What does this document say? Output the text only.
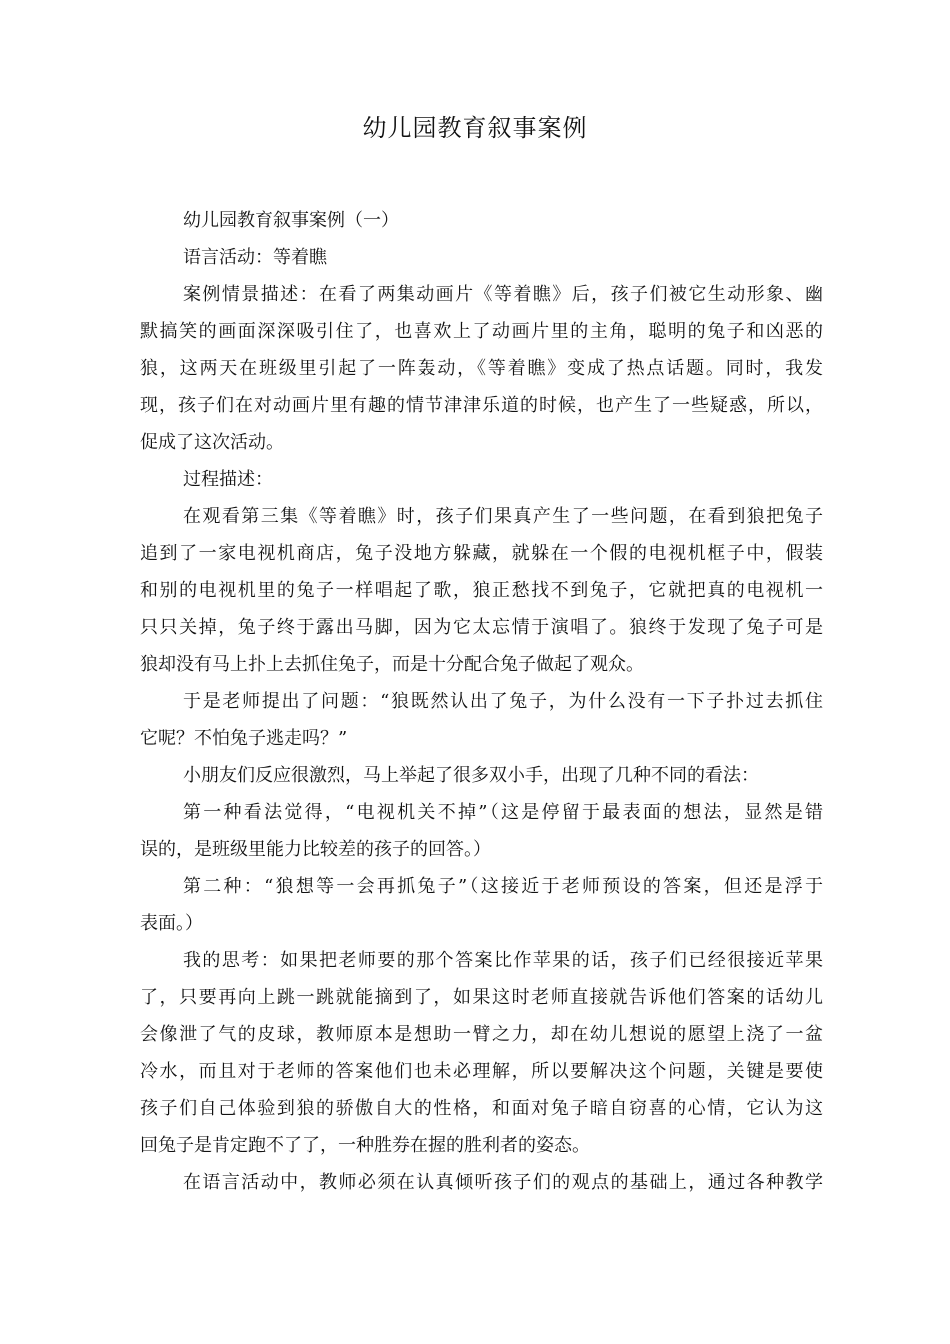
幼儿园教育叙事案例
幼儿园教育叙事案例（一）
语言活动：等着瞧
案例情景描述：在看了两集动画片《等着瞧》后，孩子们被它生动形象、幽
默搞笑的画面深深吸引住了，也喜欢上了动画片里的主角，聪明的兔子和凶恶的
狼，这两天在班级里引起了一阵轰动，《等着瞧》变成了热点话题。同时，我发
现，孩子们在对动画片里有趣的情节津津乐道的时候，也产生了一些疑惑，所以，
促成了这次活动。
过程描述：
在观看第三集《等着瞧》时，孩子们果真产生了一些问题，在看到狼把兔子
追到了一家电视机商店，兔子没地方躲藏，就躲在一个假的电视机框子中，假装
和别的电视机里的兔子一样唱起了歌，狼正愁找不到兔子，它就把真的电视机一
只只关掉，兔子终于露出马脚，因为它太忘情于演唱了。狼终于发现了兔子可是
狼却没有马上扑上去抓住兔子，而是十分配合兔子做起了观众。
于是老师提出了问题：“狼既然认出了兔子，为什么没有一下子扑过去抓住
它呢？不怕兔子逃走吗？”
小朋友们反应很激烈，马上举起了很多双小手，出现了几种不同的看法：
第一种看法觉得，“电视机关不掉”（这是停留于最表面的想法，显然是错
误的，是班级里能力比较差的孩子的回答。）
第二种：“狼想等一会再抓兔子”（这接近于老师预设的答案，但还是浮于
表面。）
我的思考：如果把老师要的那个答案比作苹果的话，孩子们已经很接近苹果
了，只要再向上跳一跳就能摘到了，如果这时老师直接就告诉他们答案的话幼儿
会像泄了气的皮球，教师原本是想助一臂之力，却在幼儿想说的愿望上浇了一盆
冷水，而且对于老师的答案他们也未必理解，所以要解决这个问题，关键是要使
孩子们自己体验到狼的骄傲自大的性格，和面对兔子暗自窃喜的心情，它认为这
回兔子是肯定跑不了了，一种胜券在握的胜利者的姿态。
在语言活动中，教师必须在认真倾听孩子们的观点的基础上，通过各种教学
